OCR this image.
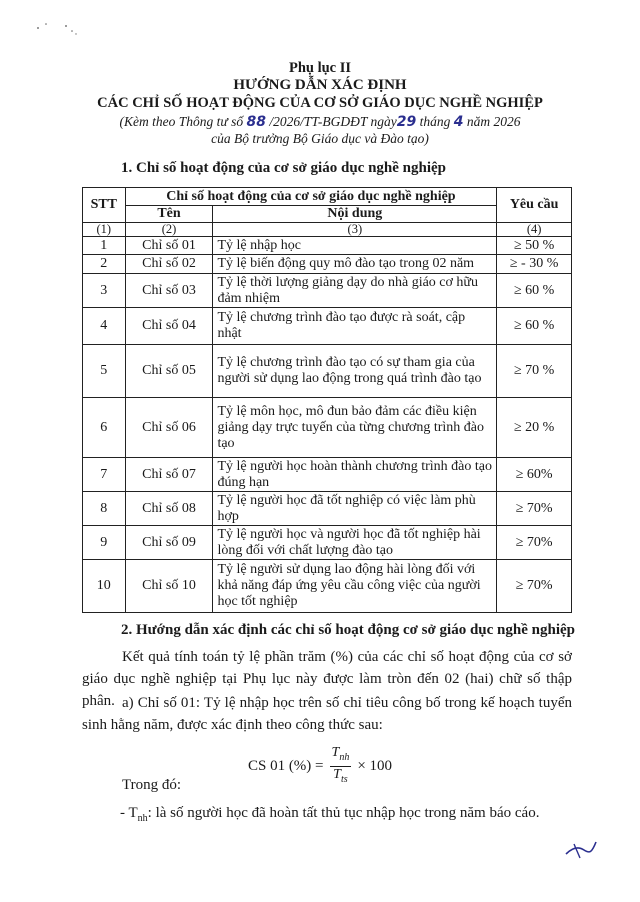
Phụ lục II
HƯỚNG DẪN XÁC ĐỊNH
CÁC CHỈ SỐ HOẠT ĐỘNG CỦA CƠ SỞ GIÁO DỤC NGHỀ NGHIỆP
(Kèm theo Thông tư số 88 /2026/TT-BGDĐT ngày29 tháng 4 năm 2026
của Bộ trưởng Bộ Giáo dục và Đào tạo)
1. Chỉ số hoạt động của cơ sở giáo dục nghề nghiệp
STT	Chỉ số hoạt động của cơ sở giáo dục nghề nghiệp		Yêu cầu
	Tên	Nội dung	
(1)	(2)	(3)	(4)
1	Chỉ số 01	Tỷ lệ nhập học	≥ 50 %
2	Chỉ số 02	Tỷ lệ biến động quy mô đào tạo trong 02 năm	≥ - 30 %
3	Chỉ số 03	Tỷ lệ thời lượng giảng dạy do nhà giáo cơ hữu đảm nhiệm	≥ 60 %
4	Chỉ số 04	Tỷ lệ chương trình đào tạo được rà soát, cập nhật	≥ 60 %
5	Chỉ số 05	Tỷ lệ chương trình đào tạo có sự tham gia của người sử dụng lao động trong quá trình đào tạo	≥ 70 %
6	Chỉ số 06	Tỷ lệ môn học, mô đun bảo đảm các điều kiện giảng dạy trực tuyến của từng chương trình đào tạo	≥ 20 %
7	Chỉ số 07	Tỷ lệ người học hoàn thành chương trình đào tạo đúng hạn	≥ 60%
8	Chỉ số 08	Tỷ lệ người học đã tốt nghiệp có việc làm phù hợp	≥ 70%
9	Chỉ số 09	Tỷ lệ người học và người học đã tốt nghiệp hài lòng đối với chất lượng đào tạo	≥ 70%
10	Chỉ số 10	Tỷ lệ người sử dụng lao động hài lòng đối với khả năng đáp ứng yêu cầu công việc của người học tốt nghiệp	≥ 70%
2. Hướng dẫn xác định các chỉ số hoạt động cơ sở giáo dục nghề nghiệp
Kết quả tính toán tỷ lệ phần trăm (%) của các chỉ số hoạt động của cơ sở giáo dục nghề nghiệp tại Phụ lục này được làm tròn đến 02 (hai) chữ số thập phân. a) Chỉ số 01: Tỷ lệ nhập học trên số chỉ tiêu công bố trong kế hoạch tuyển sinh hằng năm, được xác định theo công thức sau:
CS 01 (%) = $\frac{T_{nh}}{T_{ts}} \times 100$
Trong đó:
- $T_{nh}$: là số người học đã hoàn tất thủ tục nhập học trong năm báo cáo.
